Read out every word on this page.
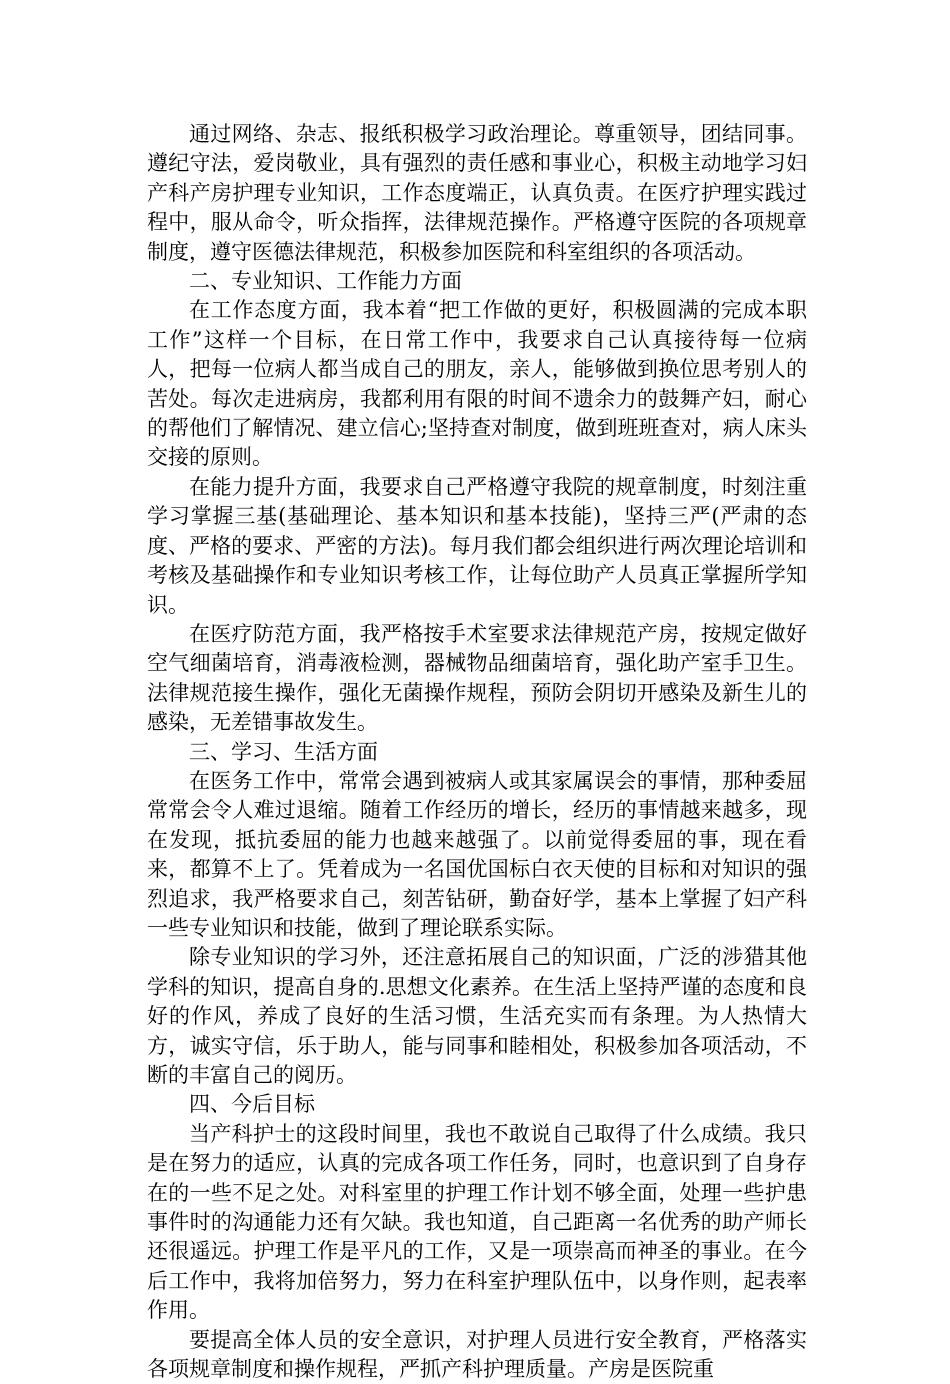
通过网络、杂志、报纸积极学习政治理论。尊重领导，团结同事。遵纪守法，爱岗敬业，具有强烈的责任感和事业心，积极主动地学习妇产科产房护理专业知识，工作态度端正，认真负责。在医疗护理实践过程中，服从命令，听众指挥，法律规范操作。严格遵守医院的各项规章制度，遵守医德法律规范，积极参加医院和科室组织的各项活动。

二、专业知识、工作能力方面

在工作态度方面，我本着“把工作做的更好，积极圆满的完成本职工作”这样一个目标，在日常工作中，我要求自己认真接待每一位病人，把每一位病人都当成自己的朋友，亲人，能够做到换位思考别人的苦处。每次走进病房，我都利用有限的时间不遗余力的鼓舞产妇，耐心的帮他们了解情况、建立信心;坚持查对制度，做到班班查对，病人床头交接的原则。

在能力提升方面，我要求自己严格遵守我院的规章制度，时刻注重学习掌握三基(基础理论、基本知识和基本技能)，坚持三严(严肃的态度、严格的要求、严密的方法)。每月我们都会组织进行两次理论培训和考核及基础操作和专业知识考核工作，让每位助产人员真正掌握所学知识。

在医疗防范方面，我严格按手术室要求法律规范产房，按规定做好空气细菌培育，消毒液检测，器械物品细菌培育，强化助产室手卫生。法律规范接生操作，强化无菌操作规程，预防会阴切开感染及新生儿的感染，无差错事故发生。

三、学习、生活方面

在医务工作中，常常会遇到被病人或其家属误会的事情，那种委屈常常会令人难过退缩。随着工作经历的增长，经历的事情越来越多，现在发现，抵抗委屈的能力也越来越强了。以前觉得委屈的事，现在看来，都算不上了。凭着成为一名国优国标白衣天使的目标和对知识的强烈追求，我严格要求自己，刻苦钻研，勤奋好学，基本上掌握了妇产科一些专业知识和技能，做到了理论联系实际。

除专业知识的学习外，还注意拓展自己的知识面，广泛的涉猎其他学科的知识，提高自身的.思想文化素养。在生活上坚持严谨的态度和良好的作风，养成了良好的生活习惯，生活充实而有条理。为人热情大方，诚实守信，乐于助人，能与同事和睦相处，积极参加各项活动，不断的丰富自己的阅历。

四、今后目标

当产科护士的这段时间里，我也不敢说自己取得了什么成绩。我只是在努力的适应，认真的完成各项工作任务，同时，也意识到了自身存在的一些不足之处。对科室里的护理工作计划不够全面，处理一些护患事件时的沟通能力还有欠缺。我也知道，自己距离一名优秀的助产师长还很遥远。护理工作是平凡的工作，又是一项崇高而神圣的事业。在今后工作中，我将加倍努力，努力在科室护理队伍中，以身作则，起表率作用。

要提高全体人员的安全意识，对护理人员进行安全教育，严格落实各项规章制度和操作规程，严抓产科护理质量。产房是医院重
